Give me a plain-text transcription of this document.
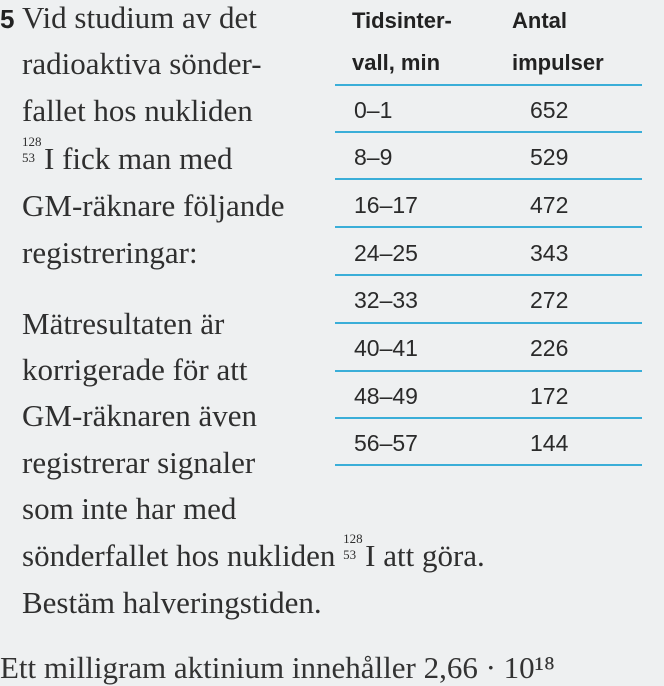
5 Vid studium av det
radioaktiva sönder-
fallet hos nukliden
128
53 I fick man med
GM-räknare följande
registreringar:
Mätresultaten är
korrigerade för att
GM-räknaren även
registrerar signaler
som inte har med
sönderfallet hos nukliden 128
53 I att göra.
Bestäm halveringstiden.
Tidsinter-
vall, min
Antal
impulser
0–1	652
8–9	529
16–17	472
24–25	343
32–33	272
40–41	226
48–49	172
56–57	144
Ett milligram aktinium innehåller 2,66 · 10¹⁸
